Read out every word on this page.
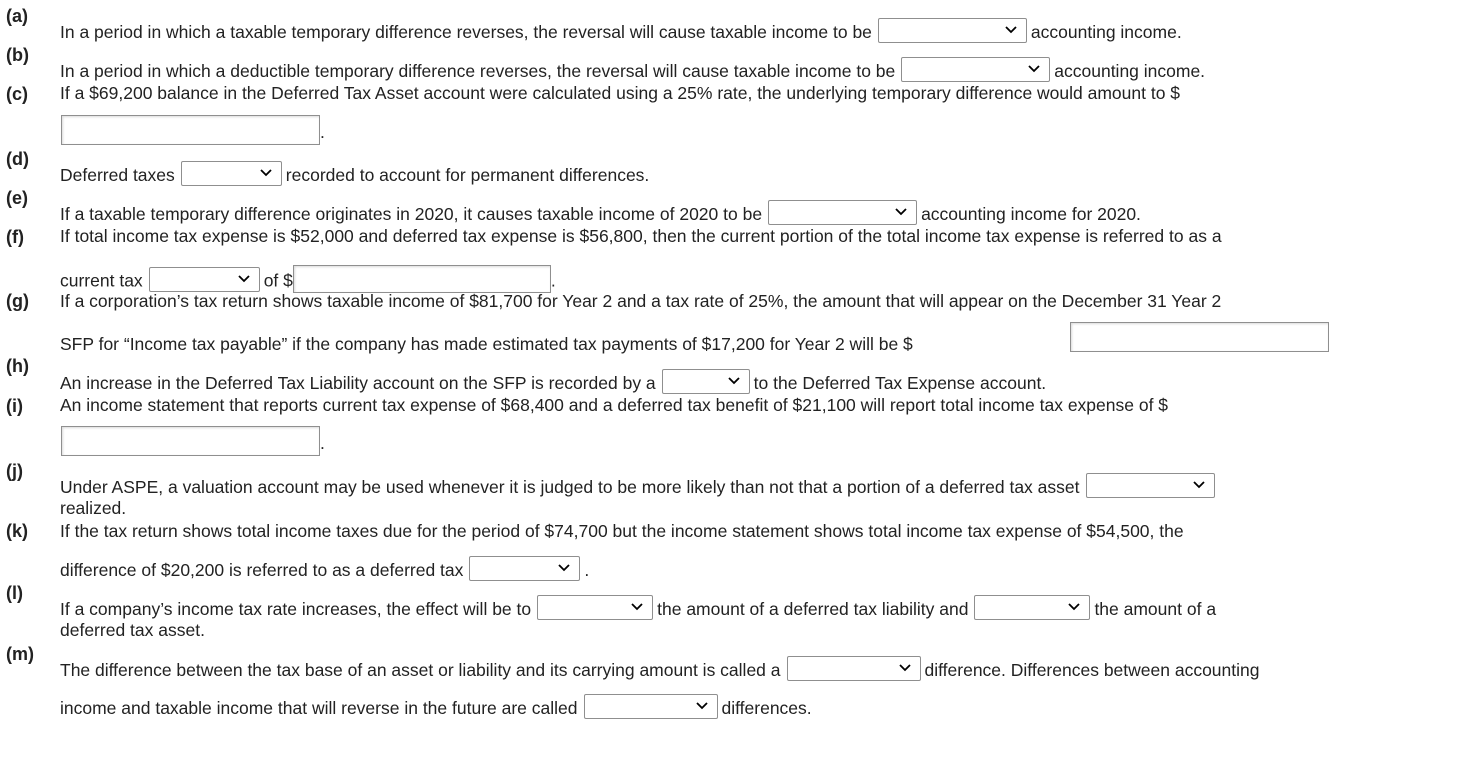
(a)
In a period in which a taxable temporary difference reverses, the reversal will cause taxable income to be	accounting income.
(b)
In a period in which a deductible temporary difference reverses, the reversal will cause taxable income to be	accounting income.
(c) If a $69,200 balance in the Deferred Tax Asset account were calculated using a 25% rate, the underlying temporary difference would amount to $
.
(d)
Deferred taxes	recorded to account for permanent differences.
(e)
If a taxable temporary difference originates in 2020, it causes taxable income of 2020 to be	accounting income for 2020.
(f) If total income tax expense is $52,000 and deferred tax expense is $56,800, then the current portion of the total income tax expense is referred to as a
current tax	of $	.
(g) If a corporation’s tax return shows taxable income of $81,700 for Year 2 and a tax rate of 25%, the amount that will appear on the December 31 Year 2
SFP for “Income tax payable” if the company has made estimated tax payments of $17,200 for Year 2 will be $
(h)
An increase in the Deferred Tax Liability account on the SFP is recorded by a	to the Deferred Tax Expense account.
(i) An income statement that reports current tax expense of $68,400 and a deferred tax benefit of $21,100 will report total income tax expense of $
.
(j)
Under ASPE, a valuation account may be used whenever it is judged to be more likely than not that a portion of a deferred tax asset
realized.
(k) If the tax return shows total income taxes due for the period of $74,700 but the income statement shows total income tax expense of $54,500, the
difference of $20,200 is referred to as a deferred tax	.
(l)
If a company’s income tax rate increases, the effect will be to	the amount of a deferred tax liability and	the amount of a
deferred tax asset.
(m)
The difference between the tax base of an asset or liability and its carrying amount is called a	difference. Differences between accounting
income and taxable income that will reverse in the future are called	differences.
